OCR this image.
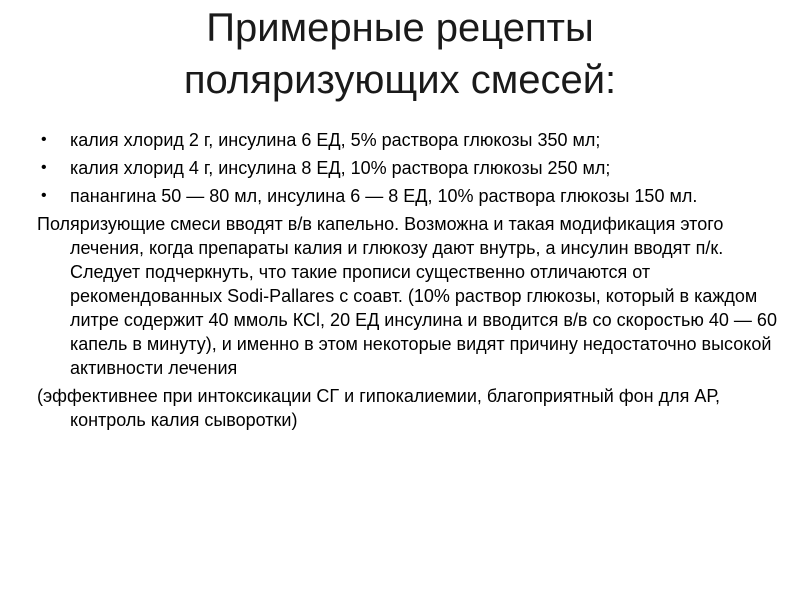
Примерные рецепты
поляризующих смесей:
• калия хлорид 2 г, инсулина 6 ЕД, 5% раствора глюкозы 350 мл;
• калия хлорид 4 г, инсулина 8 ЕД, 10% раствора глюкозы 250 мл;
• панангина 50 — 80 мл, инсулина 6 — 8 ЕД, 10% раствора глюкозы 150 мл.
Поляризующие смеси вводят в/в капельно. Возможна и такая модификация этого лечения, когда препараты калия и глюкозу дают внутрь, а инсулин вводят п/к. Следует подчеркнуть, что такие прописи существенно отличаются от рекомендованных Sodi-Pallares с соавт. (10% раствор глюкозы, который в каждом литре содержит 40 ммоль КСl, 20 ЕД инсулина и вводится в/в со скоростью 40 — 60 капель в минуту), и именно в этом некоторые видят причину недостаточно высокой активности лечения
(эффективнее при интоксикации СГ и гипокалиемии, благоприятный фон для АР, контроль калия сыворотки)
